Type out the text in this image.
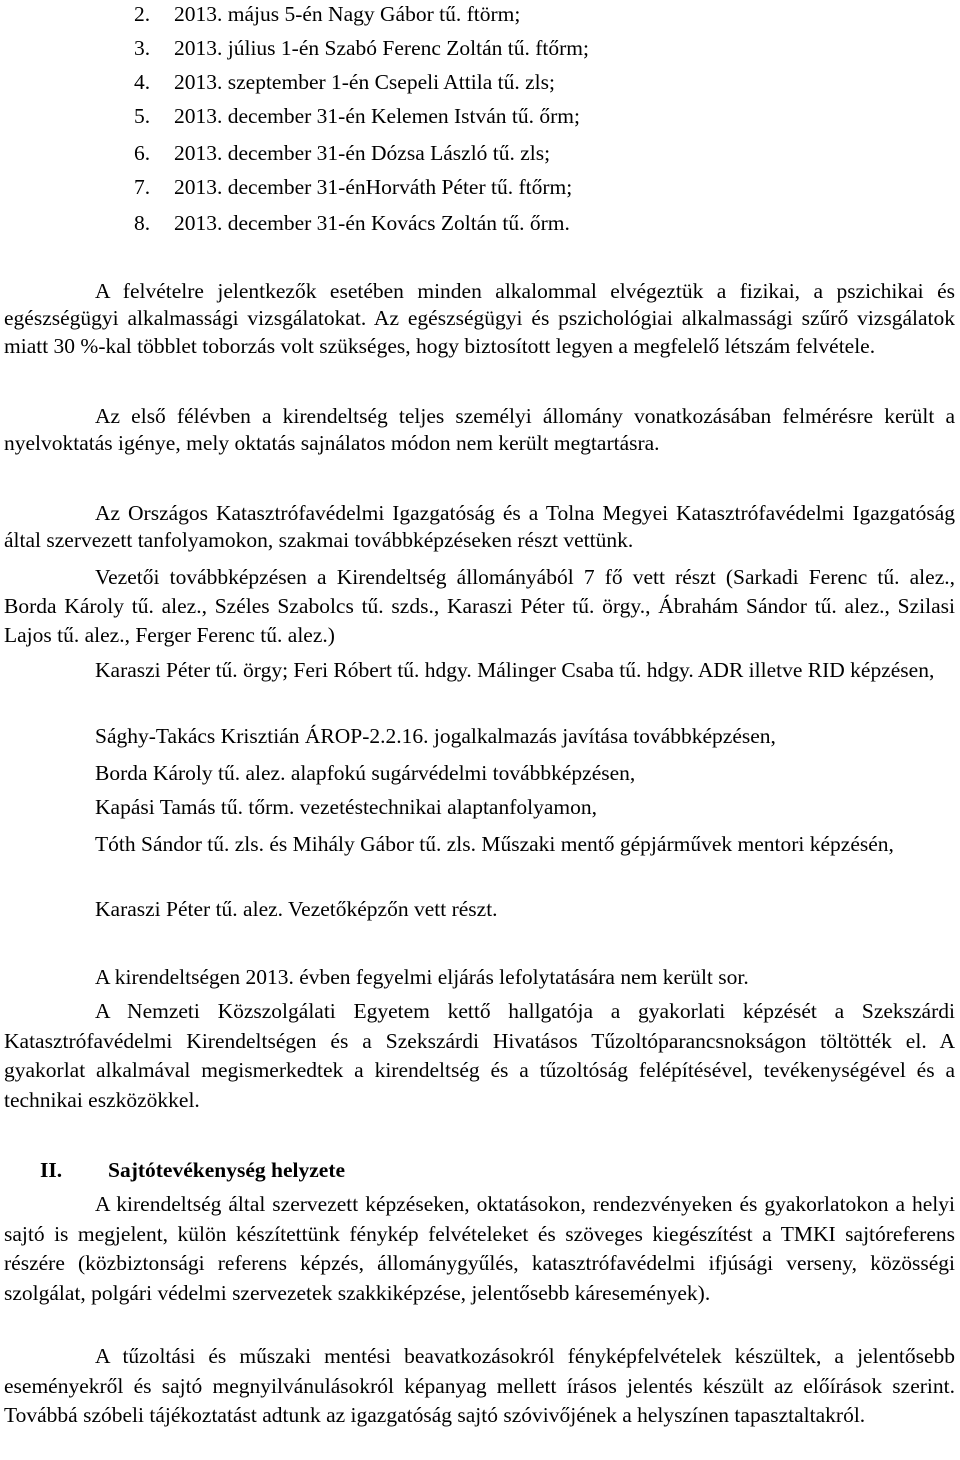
2. 2013. május 5-én Nagy Gábor tű. ftörm;
3. 2013. július 1-én Szabó Ferenc Zoltán tű. ftőrm;
4. 2013. szeptember 1-én Csepeli Attila tű. zls;
5. 2013. december 31-én Kelemen István tű. őrm;
6. 2013. december 31-én Dózsa László tű. zls;
7. 2013. december 31-énHorváth Péter tű. ftőrm;
8. 2013. december 31-én Kovács Zoltán tű. őrm.

A felvételre jelentkezők esetében minden alkalommal elvégeztük a fizikai, a pszichikai és egészségügyi alkalmassági vizsgálatokat. Az egészségügyi és pszichológiai alkalmassági szűrő vizsgálatok miatt 30 %-kal többlet toborzás volt szükséges, hogy biztosított legyen a megfelelő létszám felvétele.

Az első félévben a kirendeltség teljes személyi állomány vonatkozásában felmérésre került a nyelvoktatás igénye, mely oktatás sajnálatos módon nem került megtartásra.

Az Országos Katasztrófavédelmi Igazgatóság és a Tolna Megyei Katasztrófavédelmi Igazgatóság által szervezett tanfolyamokon, szakmai továbbképzéseken részt vettünk.

Vezetői továbbképzésen a Kirendeltség állományából 7 fő vett részt (Sarkadi Ferenc tű. alez., Borda Károly tű. alez., Széles Szabolcs tű. szds., Karaszi Péter tű. örgy., Ábrahám Sándor tű. alez., Szilasi Lajos tű. alez., Ferger Ferenc tű. alez.)

Karaszi Péter tű. örgy; Feri Róbert tű. hdgy. Málinger Csaba tű. hdgy. ADR illetve RID képzésen,

Sághy-Takács Krisztián ÁROP-2.2.16. jogalkalmazás javítása továbbképzésen,
Borda Károly tű. alez. alapfokú sugárvédelmi továbbképzésen,
Kapási Tamás tű. tőrm. vezetéstechnikai alaptanfolyamon,

Tóth Sándor tű. zls. és Mihály Gábor tű. zls. Műszaki mentő gépjárművek mentori képzésén,

Karaszi Péter tű. alez. Vezetőképzőn vett részt.
A kirendeltségen 2013. évben fegyelmi eljárás lefolytatására nem került sor.

A Nemzeti Közszolgálati Egyetem kettő hallgatója a gyakorlati képzését a Szekszárdi Katasztrófavédelmi Kirendeltségen és a Szekszárdi Hivatásos Tűzoltóparancsnokságon töltötték el. A gyakorlat alkalmával megismerkedtek a kirendeltség és a tűzoltóság felépítésével, tevékenységével és a technikai eszközökkel.

II. Sajtótevékenység helyzete

A kirendeltség által szervezett képzéseken, oktatásokon, rendezvényeken és gyakorlatokon a helyi sajtó is megjelent, külön készítettünk fénykép felvételeket és szöveges kiegészítést a TMKI sajtóreferens részére (közbiztonsági referens képzés, állománygyűlés, katasztrófavédelmi ifjúsági verseny, közösségi szolgálat, polgári védelmi szervezetek szakkiképzése, jelentősebb káresemények).

A tűzoltási és műszaki mentési beavatkozásokról fényképfelvételek készültek, a jelentősebb eseményekről és sajtó megnyilvánulásokról képanyag mellett írásos jelentés készült az előírások szerint. Továbbá szóbeli tájékoztatást adtunk az igazgatóság sajtó szóvivőjének a helyszínen tapasztaltakról.
